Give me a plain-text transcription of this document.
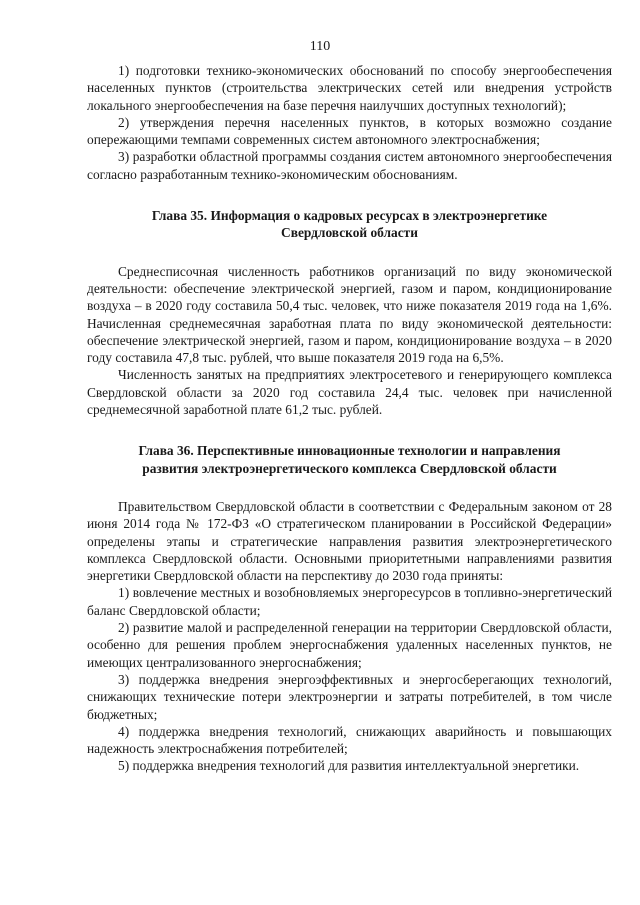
110

1) подготовки технико-экономических обоснований по способу энергообеспечения населенных пунктов (строительства электрических сетей или внедрения устройств локального энергообеспечения на базе перечня наилучших доступных технологий);

2) утверждения перечня населенных пунктов, в которых возможно создание опережающими темпами современных систем автономного электроснабжения;

3) разработки областной программы создания систем автономного энергообеспечения согласно разработанным технико-экономическим обоснованиям.

Глава 35. Информация о кадровых ресурсах в электроэнергетике
Свердловской области

Среднесписочная численность работников организаций по виду экономической деятельности: обеспечение электрической энергией, газом и паром, кондиционирование воздуха – в 2020 году составила 50,4 тыс. человек, что ниже показателя 2019 года на 1,6%. Начисленная среднемесячная заработная плата по виду экономической деятельности: обеспечение электрической энергией, газом и паром, кондиционирование воздуха – в 2020 году составила 47,8 тыс. рублей, что выше показателя 2019 года на 6,5%.

Численность занятых на предприятиях электросетевого и генерирующего комплекса Свердловской области за 2020 год составила 24,4 тыс. человек при начисленной среднемесячной заработной плате 61,2 тыс. рублей.

Глава 36. Перспективные инновационные технологии и направления
развития электроэнергетического комплекса Свердловской области

Правительством Свердловской области в соответствии с Федеральным законом от 28 июня 2014 года № 172-ФЗ «О стратегическом планировании в Российской Федерации» определены этапы и стратегические направления развития электроэнергетического комплекса Свердловской области. Основными приоритетными направлениями развития энергетики Свердловской области на перспективу до 2030 года приняты:

1) вовлечение местных и возобновляемых энергоресурсов в топливно-энергетический баланс Свердловской области;

2) развитие малой и распределенной генерации на территории Свердловской области, особенно для решения проблем энергоснабжения удаленных населенных пунктов, не имеющих централизованного энергоснабжения;

3) поддержка внедрения энергоэффективных и энергосберегающих технологий, снижающих технические потери электроэнергии и затраты потребителей, в том числе бюджетных;

4) поддержка внедрения технологий, снижающих аварийность и повышающих надежность электроснабжения потребителей;

5) поддержка внедрения технологий для развития интеллектуальной энергетики.
